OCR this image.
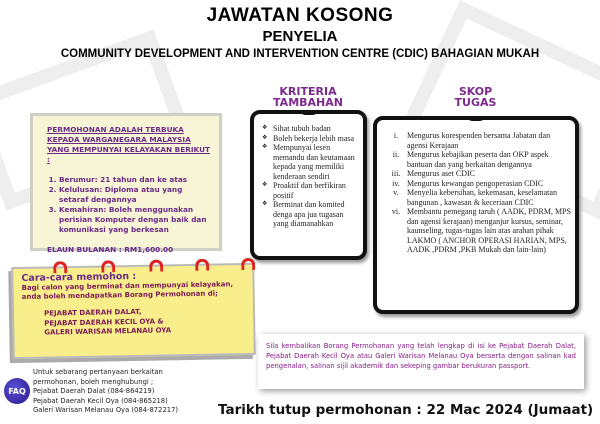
JAWATAN KOSONG
PENYELIA
COMMUNITY DEVELOPMENT AND INTERVENTION CENTRE (CDIC) BAHAGIAN MUKAH
PERMOHONAN ADALAH TERBUKA KEPADA WARGANEGARA MALAYSIA YANG MEMPUNYAI KELAYAKAN BERIKUT :
1. Berumur: 21 tahun dan ke atas
2. Kelulusan: Diploma atau yang setaraf dengannya
3. Kemahiran: Boleh menggunakan perisian Komputer dengan baik dan komunikasi yang berkesan
ELAUN BULANAN : RM1,600.00
KRITERIA
TAMBAHAN
❖ Sihat tubuh badan
❖ Boleh bekerja lebih masa
❖ Mempunyai lesen memandu dan keutamaan kepada yang memiliki kenderaan sendiri
❖ Proaktif dan berfikiran positif
❖ Berminat dan komited denga apa jua tugasan yang diamanahkan
SKOP
TUGAS
i.	Mengurus korespenden bersama Jabatan dan agensi Kerajaan
ii. Mengurus kebajikan peserta dan OKP aspek bantuan dan yang berkaitan dengannya
iii. Mengurus aset CDIC
iv. Mengurus kewangan pengoperasian CDIC
v.	Menyelia kebersihan, kekemasan, keselamatan bangunan , kawasan & keceriaan CDIC
vi. Membantu pemegang taruh ( AADK, PDRM, MPS dan agensi kerajaan) menganjur kursus, seminar, kaunseling, tugas-tugas lain atas arahan pihak LAKMO ( ANCHOR OPERASI HARIAN, MPS, AADK ,PDRM ,PKB Mukah dan lain-lain)
Cara-cara memohon :
Bagi calon yang berminat dan mempunyai kelayakan, anda boleh mendapatkan Borang Permohonan di;
PEJABAT DAERAH DALAT,
PEJABAT DAERAH KECIL OYA &
GALERI WARISAN MELANAU OYA
Sila kembalikan Borang Permohonan yang telah lengkap di isi ke Pejabat Daerah Dalat, Pejabat Daerah Kecil Oya atau Galeri Warisan Melanau Oya berserta dengan salinan kad pengenalan, salinan sijil akademik dan sekeping gambar berukuran passport.
FAQ
Untuk sebarang pertanyaan berkaitan
permohonan, boleh menghubungi ;
Pejabat Daerah Dalat (084-864219)
Pejabat Daerah Kecil Oya (084-865218)
Galeri Warisan Melanau Oya (084-872217)	Tarikh tutup permohonan : 22 Mac 2024 (Jumaat)
